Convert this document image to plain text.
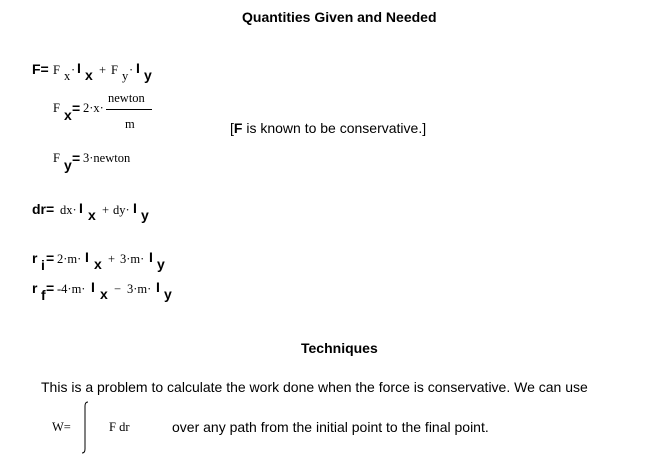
Quantities Given and Needed
F= F x · I x + F y · I y
F x = 2·x·
newton
m	[F is known to be conservative.]
F y = 3·newton
dr= dx· I x + dy· I y
r i = 2·m· I x + 3·m· I y
r f = -4·m· I x − 3·m· I y
Techniques
This is a problem to calculate the work done when the force is conservative. We can use
W=	F dr	over any path from the initial point to the final point.
